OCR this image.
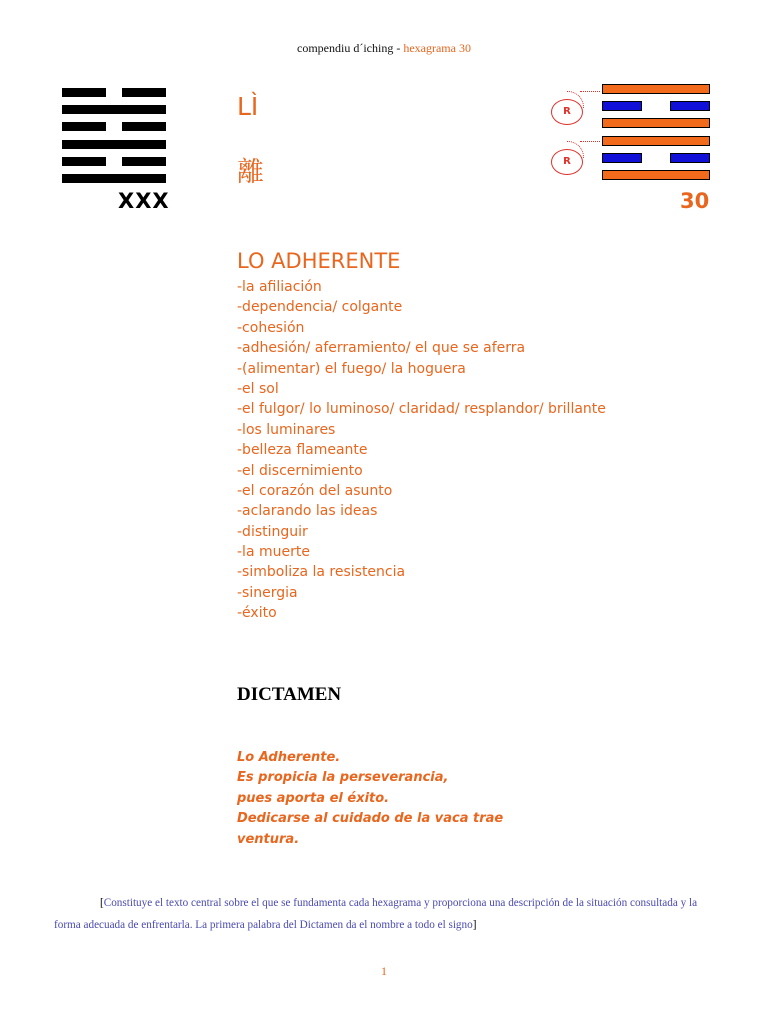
compendiu d´iching - hexagrama 30
XXX
LÌ
離
R
R
30
LO ADHERENTE
-la afiliación
-dependencia/ colgante
-cohesión
-adhesión/ aferramiento/ el que se aferra
-(alimentar) el fuego/ la hoguera
-el sol
-el fulgor/ lo luminoso/ claridad/ resplandor/ brillante
-los luminares
-belleza flameante
-el discernimiento
-el corazón del asunto
-aclarando las ideas
-distinguir
-la muerte
-simboliza la resistencia
-sinergia
-éxito
DICTAMEN
Lo Adherente.
Es propicia la perseverancia,
pues aporta el éxito.
Dedicarse al cuidado de la vaca trae
ventura.
[Constituye el texto central sobre el que se fundamenta cada hexagrama y proporciona una descripción de la situación consultada y la forma adecuada de enfrentarla. La primera palabra del Dictamen da el nombre a todo el signo]
1
